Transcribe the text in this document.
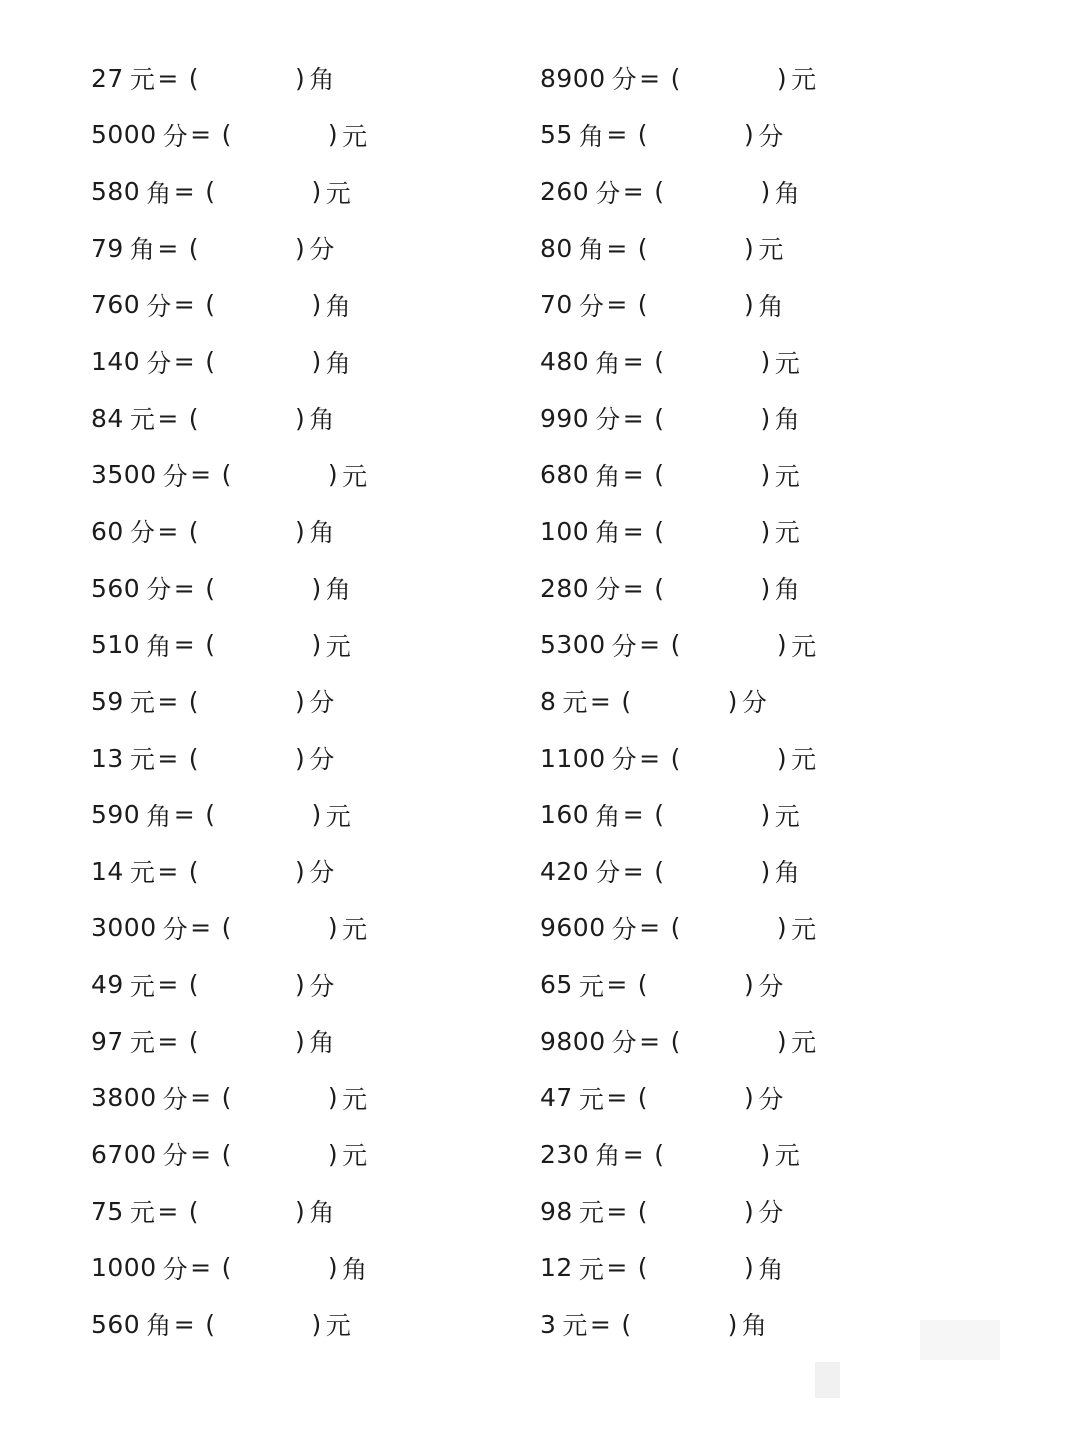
27 元 = (	) 角
5000 分 = (	) 元
580 角 = (	) 元
79 角 = (	) 分
760 分 = (	) 角
140 分 = (	) 角
84 元 = (	) 角
3500 分 = (	) 元
60 分 = (	) 角
560 分 = (	) 角
510 角 = (	) 元
59 元 = (	) 分
13 元 = (	) 分
590 角 = (	) 元
14 元 = (	) 分
3000 分 = (	) 元
49 元 = (	) 分
97 元 = (	) 角
3800 分 = (	) 元
6700 分 = (	) 元
75 元 = (	) 角
1000 分 = (	) 角
560 角 = (	) 元
8900 分 = (	) 元
55 角 = (	) 分
260 分 = (	) 角
80 角 = (	) 元
70 分 = (	) 角
480 角 = (	) 元
990 分 = (	) 角
680 角 = (	) 元
100 角 = (	) 元
280 分 = (	) 角
5300 分 = (	) 元
8 元 = (	) 分
1100 分 = (	) 元
160 角 = (	) 元
420 分 = (	) 角
9600 分 = (	) 元
65 元 = (	) 分
9800 分 = (	) 元
47 元 = (	) 分
230 角 = (	) 元
98 元 = (	) 分
12 元 = (	) 角
3 元 = (	) 角
